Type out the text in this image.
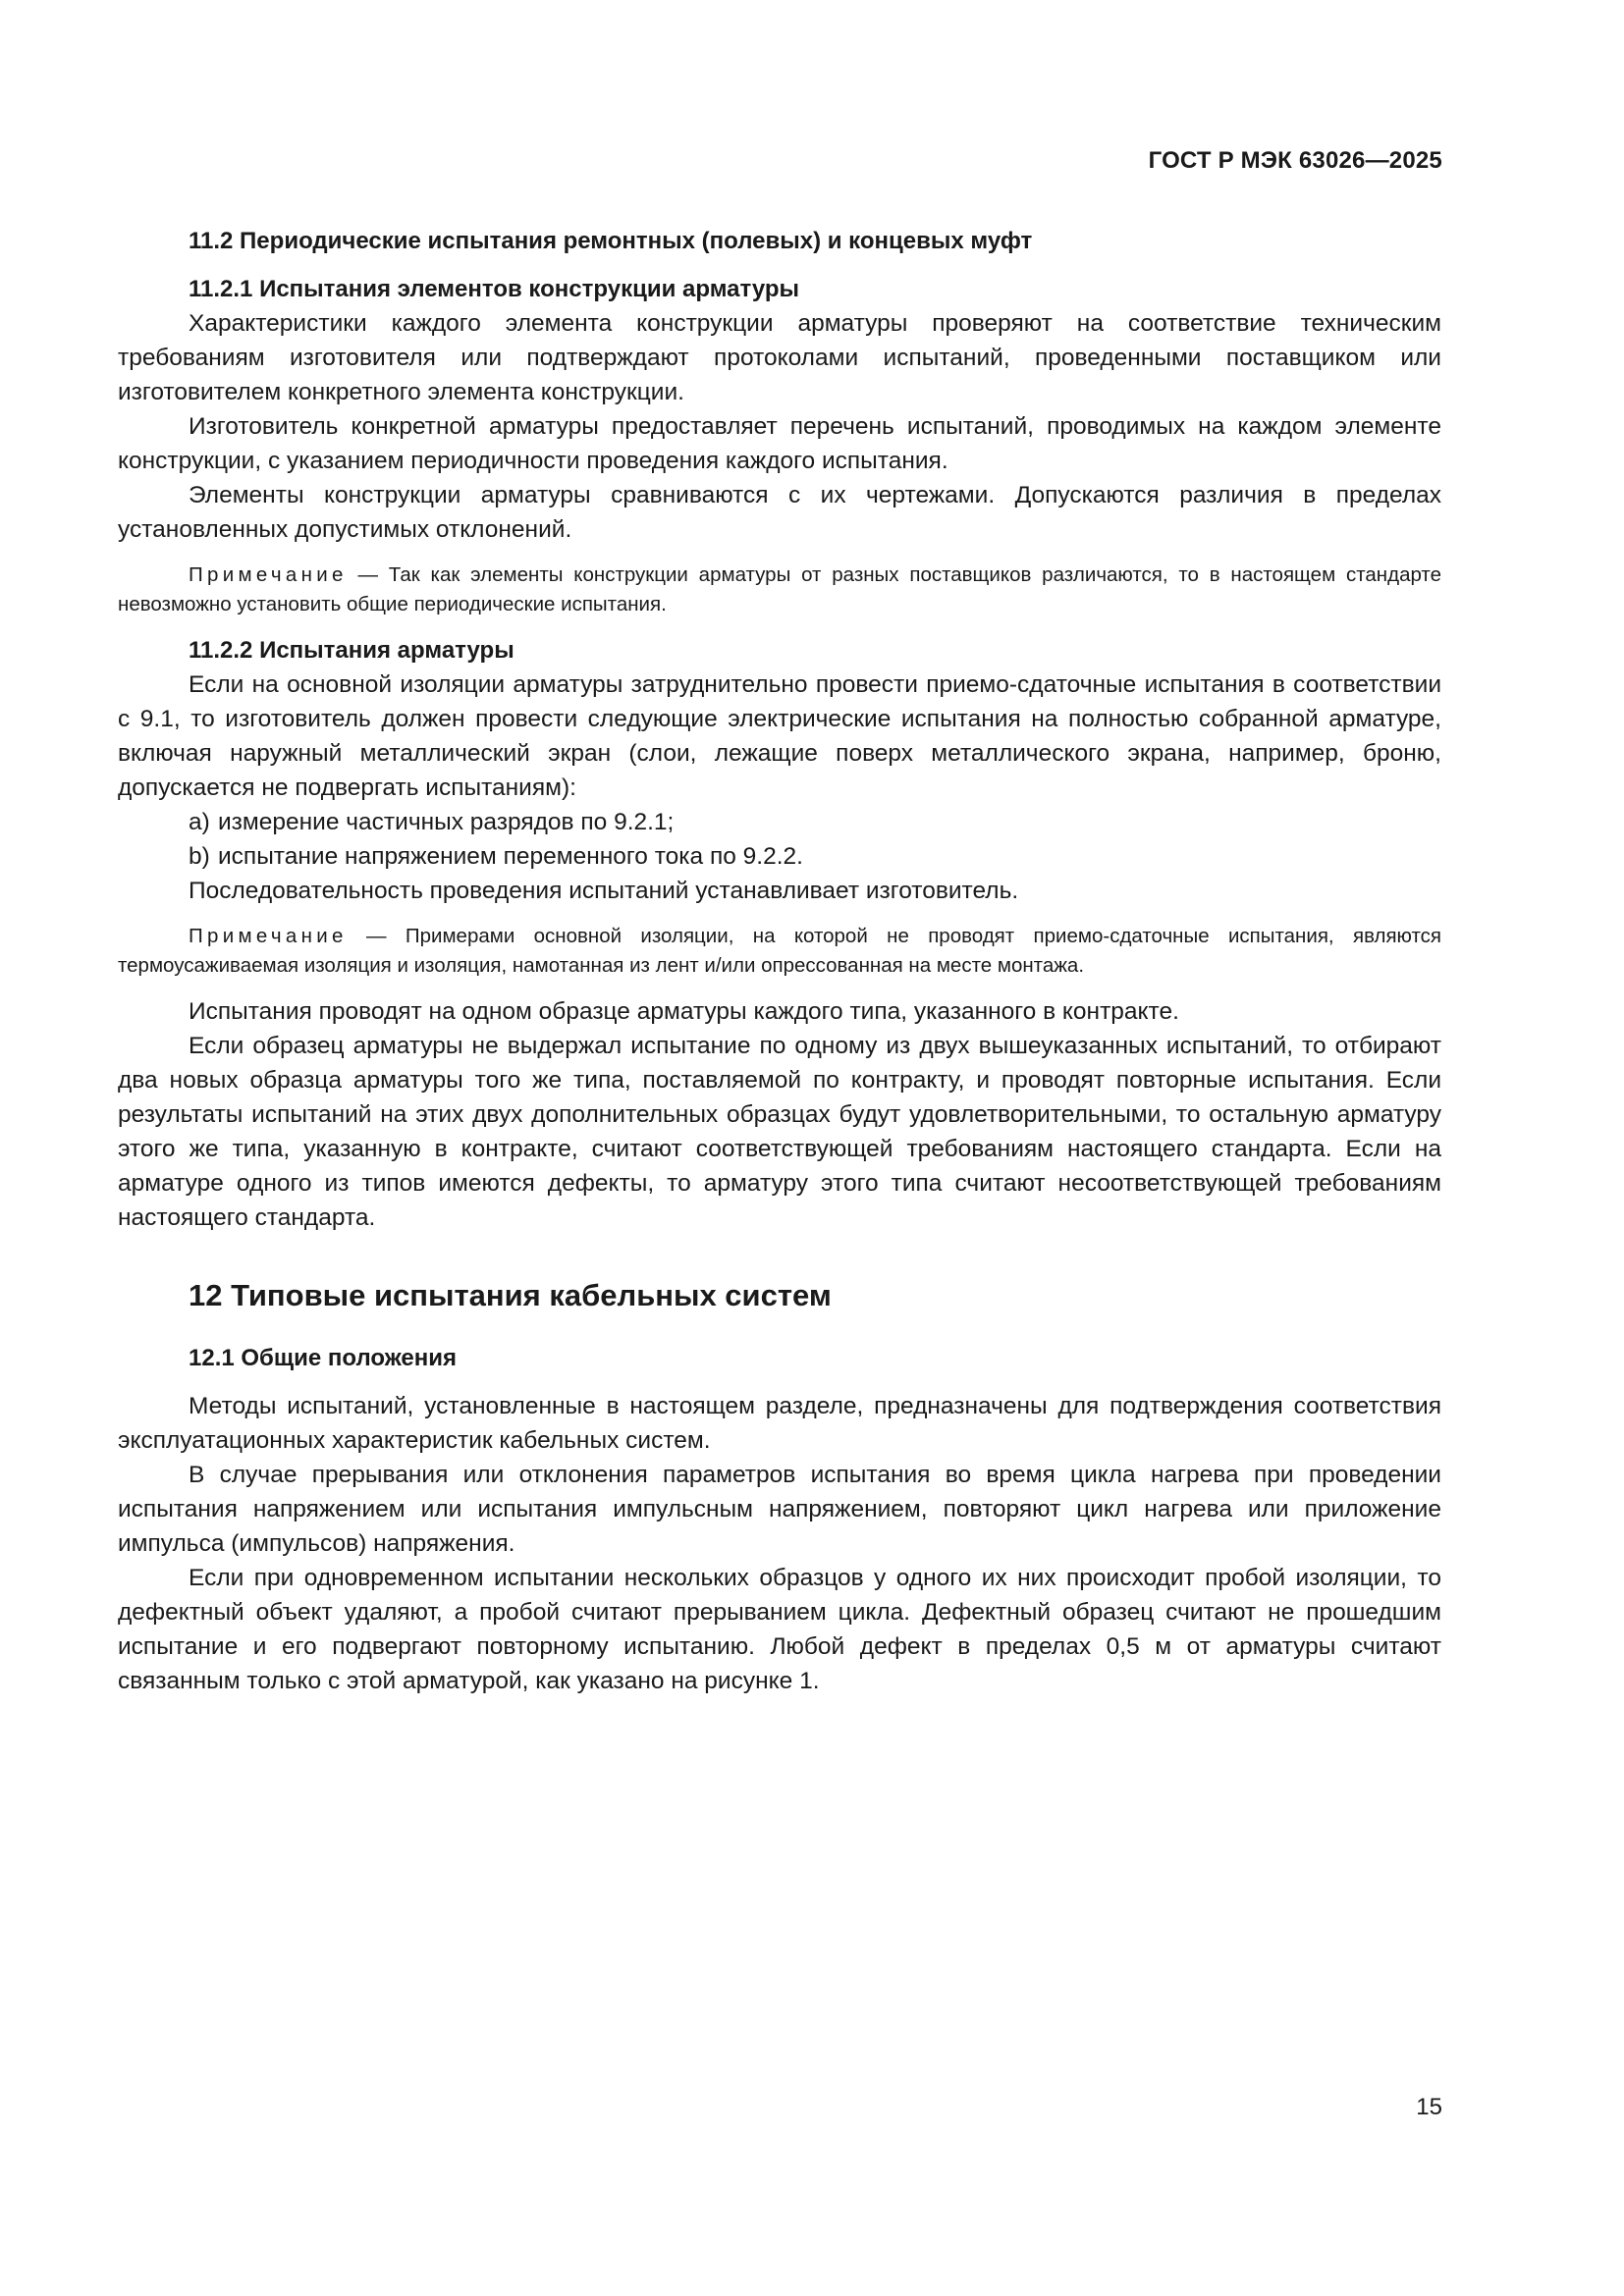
ГОСТ Р МЭК 63026—2025

11.2 Периодические испытания ремонтных (полевых) и концевых муфт

11.2.1 Испытания элементов конструкции арматуры

Характеристики каждого элемента конструкции арматуры проверяют на соответствие техническим требованиям изготовителя или подтверждают протоколами испытаний, проведенными поставщиком или изготовителем конкретного элемента конструкции.

Изготовитель конкретной арматуры предоставляет перечень испытаний, проводимых на каждом элементе конструкции, с указанием периодичности проведения каждого испытания.

Элементы конструкции арматуры сравниваются с их чертежами. Допускаются различия в пределах установленных допустимых отклонений.

Примечание — Так как элементы конструкции арматуры от разных поставщиков различаются, то в настоящем стандарте невозможно установить общие периодические испытания.

11.2.2 Испытания арматуры

Если на основной изоляции арматуры затруднительно провести приемо-сдаточные испытания в соответствии с 9.1, то изготовитель должен провести следующие электрические испытания на полностью собранной арматуре, включая наружный металлический экран (слои, лежащие поверх металлического экрана, например, броню, допускается не подвергать испытаниям):

a) измерение частичных разрядов по 9.2.1;

b) испытание напряжением переменного тока по 9.2.2.

Последовательность проведения испытаний устанавливает изготовитель.

Примечание — Примерами основной изоляции, на которой не проводят приемо-сдаточные испытания, являются термоусаживаемая изоляция и изоляция, намотанная из лент и/или опрессованная на месте монтажа.

Испытания проводят на одном образце арматуры каждого типа, указанного в контракте.

Если образец арматуры не выдержал испытание по одному из двух вышеуказанных испытаний, то отбирают два новых образца арматуры того же типа, поставляемой по контракту, и проводят повторные испытания. Если результаты испытаний на этих двух дополнительных образцах будут удовлетворительными, то остальную арматуру этого же типа, указанную в контракте, считают соответствующей требованиям настоящего стандарта. Если на арматуре одного из типов имеются дефекты, то арматуру этого типа считают несоответствующей требованиям настоящего стандарта.

12 Типовые испытания кабельных систем

12.1 Общие положения

Методы испытаний, установленные в настоящем разделе, предназначены для подтверждения соответствия эксплуатационных характеристик кабельных систем.

В случае прерывания или отклонения параметров испытания во время цикла нагрева при проведении испытания напряжением или испытания импульсным напряжением, повторяют цикл нагрева или приложение импульса (импульсов) напряжения.

Если при одновременном испытании нескольких образцов у одного их них происходит пробой изоляции, то дефектный объект удаляют, а пробой считают прерыванием цикла. Дефектный образец считают не прошедшим испытание и его подвергают повторному испытанию. Любой дефект в пределах 0,5 м от арматуры считают связанным только с этой арматурой, как указано на рисунке 1.

15
